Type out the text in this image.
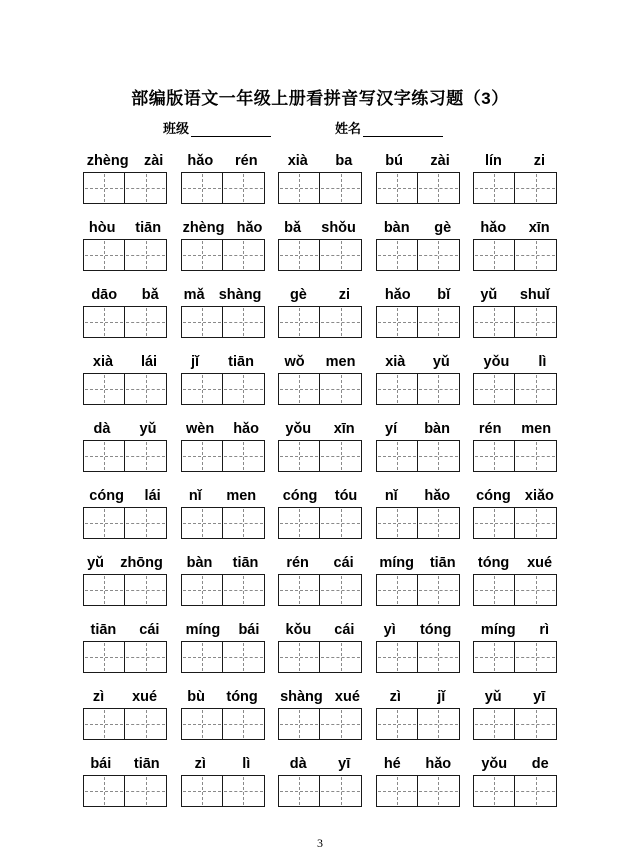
部编版语文一年级上册看拼音写汉字练习题（3）
班级	姓名
zhèng zài hǎo rén xià ba bú zài lín zi
hòu tiān zhèng hǎo bǎ shǒu bàn gè hǎo xīn
dāo bǎ mǎ shàng gè zi hǎo bǐ yǔ shuǐ
xià lái jǐ tiān wǒ men xià yǔ yǒu lì
dà yǔ wèn hǎo yǒu xīn yí bàn rén men
cóng lái nǐ men cóng tóu nǐ hǎo cóng xiǎo
yǔ zhōng bàn tiān rén cái míng tiān tóng xué
tiān cái míng bái kǒu cái yì tóng míng rì
zì xué bù tóng shàng xué zì	jǐ	yǔ yī
bái tiān zì	lì	dà yī hé hǎo yǒu de
3
